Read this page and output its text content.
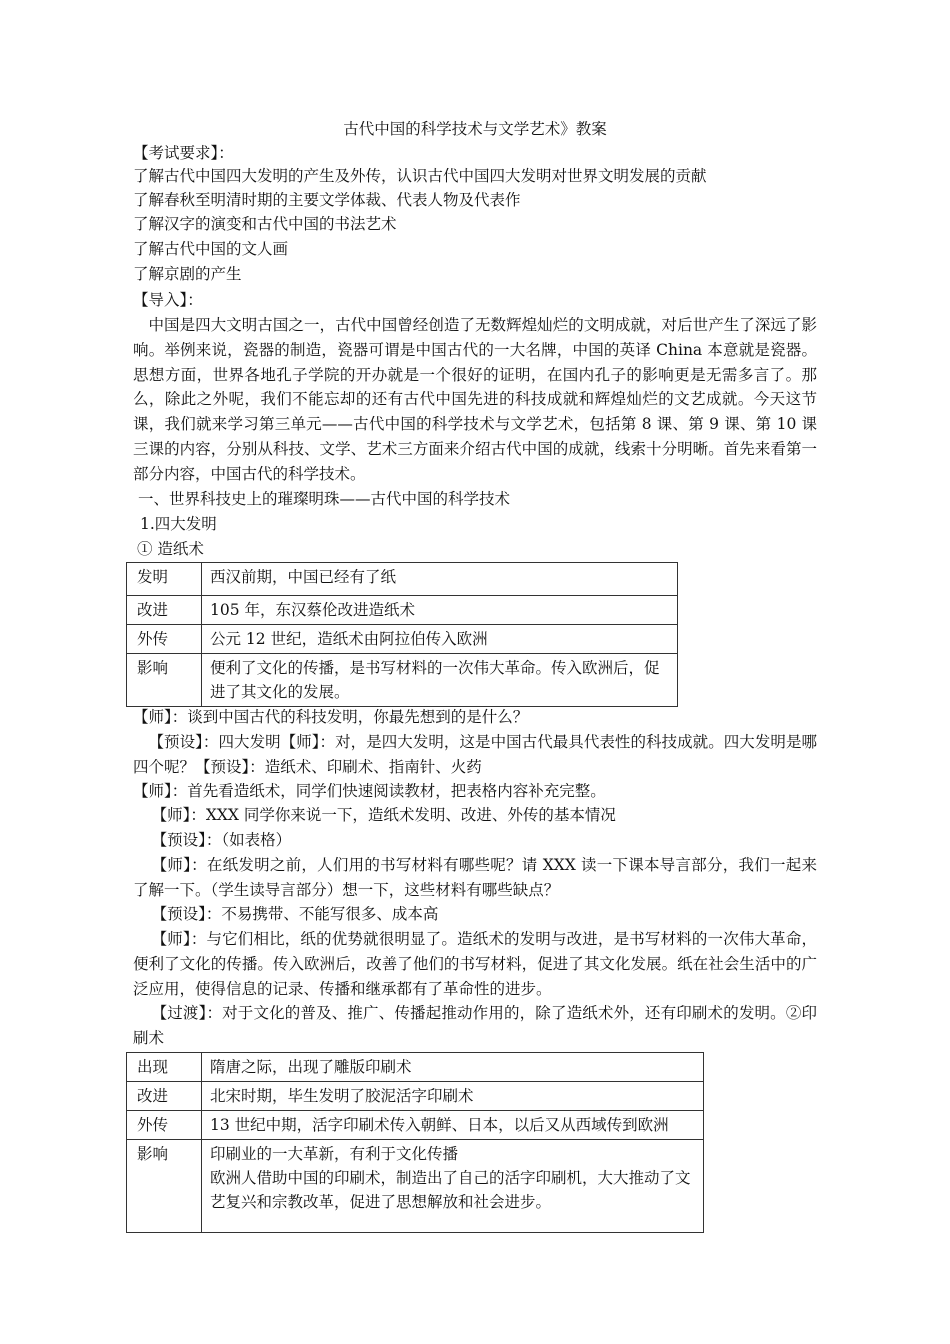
古代中国的科学技术与文学艺术》教案
【考试要求】：
了解古代中国四大发明的产生及外传，认识古代中国四大发明对世界文明发展的贡献
了解春秋至明清时期的主要文学体裁、代表人物及代表作
了解汉字的演变和古代中国的书法艺术
了解古代中国的文人画
了解京剧的产生
【导入】：
中国是四大文明古国之一，古代中国曾经创造了无数辉煌灿烂的文明成就，对后世产生了深远了影响。举例来说，瓷器的制造，瓷器可谓是中国古代的一大名牌，中国的英译 China 本意就是瓷器。思想方面，世界各地孔子学院的开办就是一个很好的证明，在国内孔子的影响更是无需多言了。那么，除此之外呢，我们不能忘却的还有古代中国先进的科技成就和辉煌灿烂的文艺成就。今天这节课，我们就来学习第三单元——古代中国的科学技术与文学艺术，包括第 8 课、第 9 课、第 10 课三课的内容，分别从科技、文学、艺术三方面来介绍古代中国的成就，线索十分明晰。首先来看第一部分内容，中国古代的科学技术。
一、世界科技史上的璀璨明珠——古代中国的科学技术
1.四大发明
① 造纸术
发明	西汉前期，中国已经有了纸
改进	105 年，东汉蔡伦改进造纸术
外传	公元 12 世纪，造纸术由阿拉伯传入欧洲
影响	便利了文化的传播，是书写材料的一次伟大革命。传入欧洲后，促进了其文化的发展。
【师】：谈到中国古代的科技发明，你最先想到的是什么？
【预设】：四大发明【师】：对，是四大发明，这是中国古代最具代表性的科技成就。四大发明是哪四个呢？【预设】：造纸术、印刷术、指南针、火药
【师】：首先看造纸术，同学们快速阅读教材，把表格内容补充完整。
【师】：XXX 同学你来说一下，造纸术发明、改进、外传的基本情况
【预设】：（如表格）
【师】：在纸发明之前，人们用的书写材料有哪些呢？请 XXX 读一下课本导言部分，我们一起来了解一下。（学生读导言部分）想一下，这些材料有哪些缺点？
【预设】：不易携带、不能写很多、成本高
【师】：与它们相比，纸的优势就很明显了。造纸术的发明与改进，是书写材料的一次伟大革命，便利了文化的传播。传入欧洲后，改善了他们的书写材料，促进了其文化发展。纸在社会生活中的广泛应用，使得信息的记录、传播和继承都有了革命性的进步。
【过渡】：对于文化的普及、推广、传播起推动作用的，除了造纸术外，还有印刷术的发明。②印刷术
出现	隋唐之际，出现了雕版印刷术
改进	北宋时期，毕生发明了胶泥活字印刷术
外传	13 世纪中期，活字印刷术传入朝鲜、日本，以后又从西域传到欧洲
影响	印刷业的一大革新，有利于文化传播
欧洲人借助中国的印刷术，制造出了自己的活字印刷机，大大推动了文艺复兴和宗教改革，促进了思想解放和社会进步。
